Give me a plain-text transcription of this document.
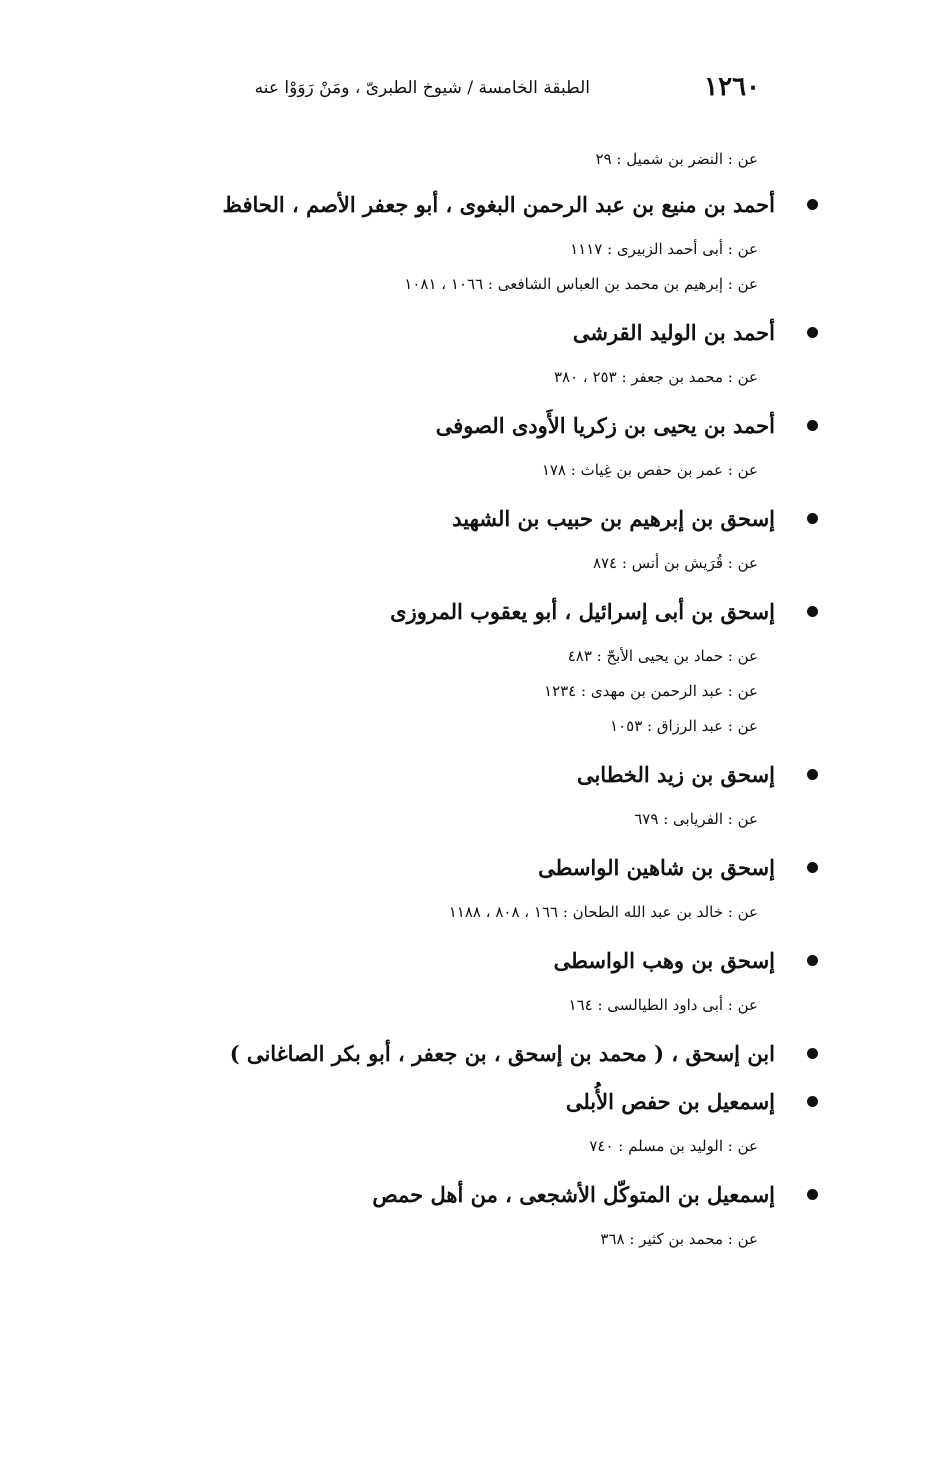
١٢٦٠
الطبقة الخامسة / شيوخ الطبرىّ ، ومَنْ رَوَوْا عنه
عن : النضر بن شميل : ٢٩
أحمد بن منيع بن عبد الرحمن البغوى ، أبو جعفر الأصم ، الحافظ
عن : أبى أحمد الزبيرى : ١١١٧
عن : إبرهيم بن محمد بن العباس الشافعى : ١٠٦٦ ، ١٠٨١
أحمد بن الوليد القرشى
عن : محمد بن جعفر : ٢٥٣ ، ٣٨٠
أحمد بن يحيى بن زكريا الأَودى الصوفى
عن : عمر بن حفص بن غِياث : ١٧٨
إسحق بن إبرهيم بن حبيب بن الشهيد
عن : قُرَيش بن أنس : ٨٧٤
إسحق بن أبى إسرائيل ، أبو يعقوب المروزى
عن : حماد بن يحيى الأبحّ : ٤٨٣
عن : عبد الرحمن بن مهدى : ١٢٣٤
عن : عبد الرزاق : ١٠٥٣
إسحق بن زيد الخطابى
عن : الفريابى : ٦٧٩
إسحق بن شاهين الواسطى
عن : خالد بن عبد الله الطحان : ١٦٦ ، ٨٠٨ ، ١١٨٨
إسحق بن وهب الواسطى
عن : أبى داود الطيالسى : ١٦٤
ابن إسحق ، ( محمد بن إسحق ، بن جعفر ، أبو بكر الصاغانى )
إسمعيل بن حفص الأُبلى
عن : الوليد بن مسلم : ٧٤٠
إسمعيل بن المتوكّل الأشجعى ، من أهل حمص
عن : محمد بن كثير : ٣٦٨
